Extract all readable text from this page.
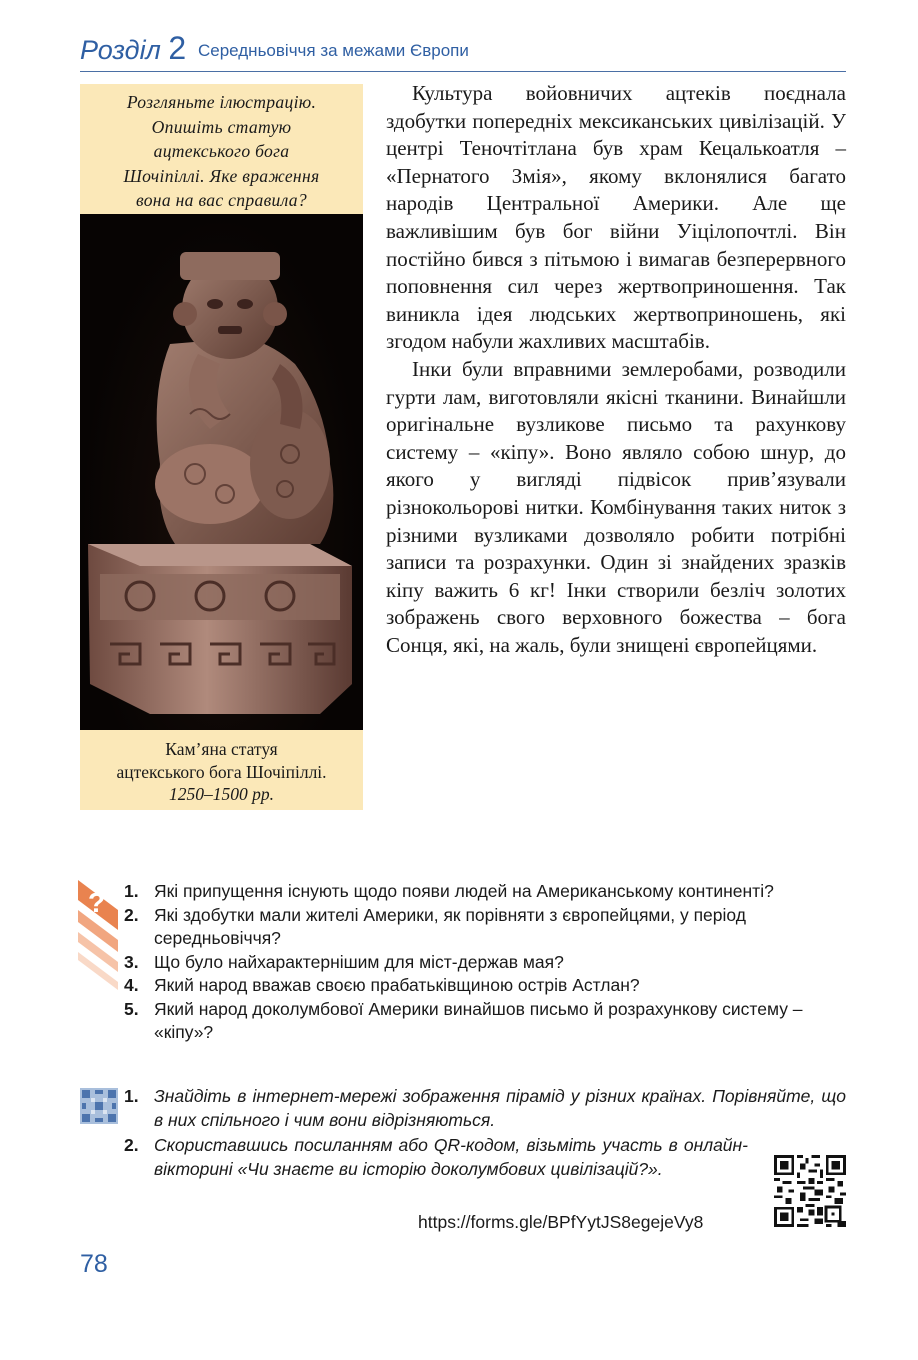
Розділ 2 Середньовіччя за межами Європи
Розгляньте ілюстрацію.
Опишіть статую
ацтекського бога
Шочіпіллі. Яке враження
вона на вас справила?
Кам’яна статуя
ацтекського бога Шочіпіллі.
1250–1500 рр.

Культура войовничих ацтеків поєднала здобутки попередніх мексиканських цивілізацій. У центрі Теночтітлана був храм Кецалькоатля – «Пернатого Змія», якому вклонялися багато народів Центральної Америки. Але ще важливішим був бог війни Уіцілопочтлі. Він постійно бився з пітьмою і вимагав безперервного поповнення сил через жертвоприношення. Так виникла ідея людських жертвоприношень, які згодом набули жахливих масштабів.

Інки були вправними землеробами, розводили гурти лам, виготовляли якісні тканини. Винайшли оригінальне вузликове письмо та рахункову систему – «кіпу». Воно являло собою шнур, до якого у вигляді підвісок прив’язували різнокольорові нитки. Комбінування таких ниток з різними вузликами дозволяло робити потрібні записи та розрахунки. Один зі знайдених зразків кіпу важить 6 кг! Інки створили безліч золотих зображень свого верховного божества – бога Сонця, які, на жаль, були знищені європейцями.

? 1. Які припущення існують щодо появи людей на Американському континенті?
2. Які здобутки мали жителі Америки, як порівняти з європейцями, у період середньовіччя?
3. Що було найхарактернішим для міст-держав мая?
4. Який народ вважав своєю прабатьківщиною острів Астлан?
5. Який народ доколумбової Америки винайшов письмо й розрахункову систему – «кіпу»?
1. Знайдіть в інтернет-мережі зображення пірамід у різних країнах. Порівняйте, що в них спільного і чим вони відрізняються.
2. Скориставшись посиланням або QR-кодом, візьміть участь в онлайн-вікторині «Чи знаєте ви історію доколумбових цивілізацій?».
https://forms.gle/BPfYytJS8egejeVy8
78
